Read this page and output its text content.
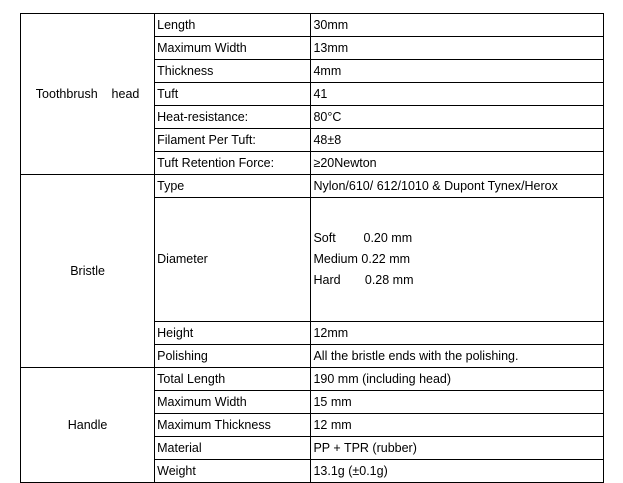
Toothbrush    head	Length	30mm
	Maximum Width	13mm
	Thickness	4mm
	Tuft	41
	Heat-resistance:	80°C
	Filament Per Tuft:	48±8
	Tuft Retention Force:	≥20Newton
Bristle	Type	Nylon/610/ 612/1010 & Dupont Tynex/Herox
	Diameter	Soft        0.20 mm
Medium 0.22 mm
Hard       0.28 mm

	Height	12mm
	Polishing	All the bristle ends with the polishing.
Handle	Total Length	190 mm (including head)
	Maximum Width	15 mm
	Maximum Thickness	12 mm
	Material	PP + TPR (rubber)
	Weight	13.1g (±0.1g)
